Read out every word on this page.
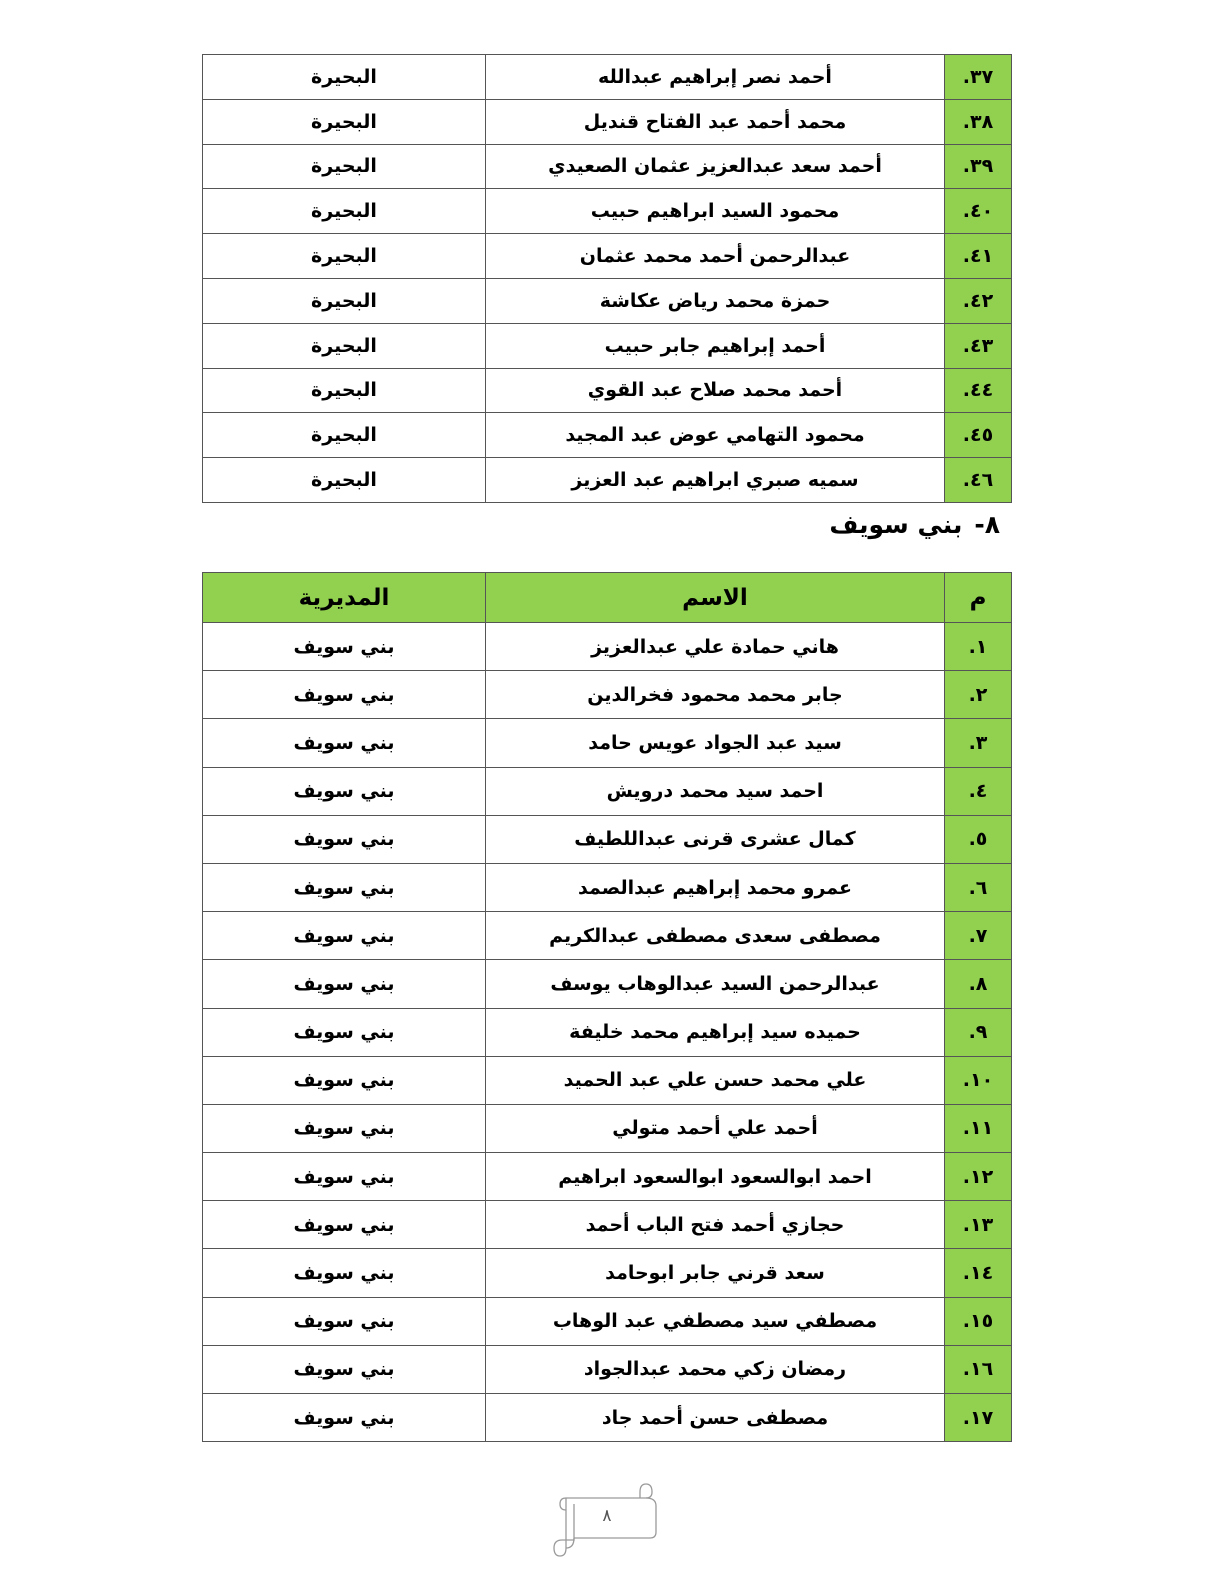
٣٧.	أحمد نصر إبراهيم عبدالله	البحيرة
٣٨.	محمد أحمد عبد الفتاح قنديل	البحيرة
٣٩.	أحمد سعد عبدالعزيز عثمان الصعيدي	البحيرة
٤٠.	محمود السيد ابراهيم حبيب	البحيرة
٤١.	عبدالرحمن أحمد محمد عثمان	البحيرة
٤٢.	حمزة محمد رياض عكاشة	البحيرة
٤٣.	أحمد إبراهيم جابر حبيب	البحيرة
٤٤.	أحمد محمد صلاح عبد القوي	البحيرة
٤٥.	محمود التهامي عوض عبد المجيد	البحيرة
٤٦.	سميه صبري ابراهيم عبد العزيز	البحيرة
٨-بني سويف
م	الاسم	المديرية
١.	هاني حمادة علي عبدالعزيز	بني سويف
٢.	جابر محمد محمود فخرالدين	بني سويف
٣.	سيد عبد الجواد عويس حامد	بني سويف
٤.	احمد سيد محمد درويش	بني سويف
٥.	كمال عشرى قرنى عبداللطيف	بني سويف
٦.	عمرو محمد إبراهيم عبدالصمد	بني سويف
٧.	مصطفى سعدى مصطفى عبدالكريم	بني سويف
٨.	عبدالرحمن السيد عبدالوهاب يوسف	بني سويف
٩.	حميده سيد إبراهيم محمد خليفة	بني سويف
١٠.	علي محمد حسن علي عبد الحميد	بني سويف
١١.	أحمد علي أحمد متولي	بني سويف
١٢.	احمد ابوالسعود ابوالسعود ابراهيم	بني سويف
١٣.	حجازي أحمد فتح الباب أحمد	بني سويف
١٤.	سعد قرني جابر ابوحامد	بني سويف
١٥.	مصطفي سيد مصطفي عبد الوهاب	بني سويف
١٦.	رمضان زكي محمد عبدالجواد	بني سويف
١٧.	مصطفى حسن أحمد جاد	بني سويف
٨
